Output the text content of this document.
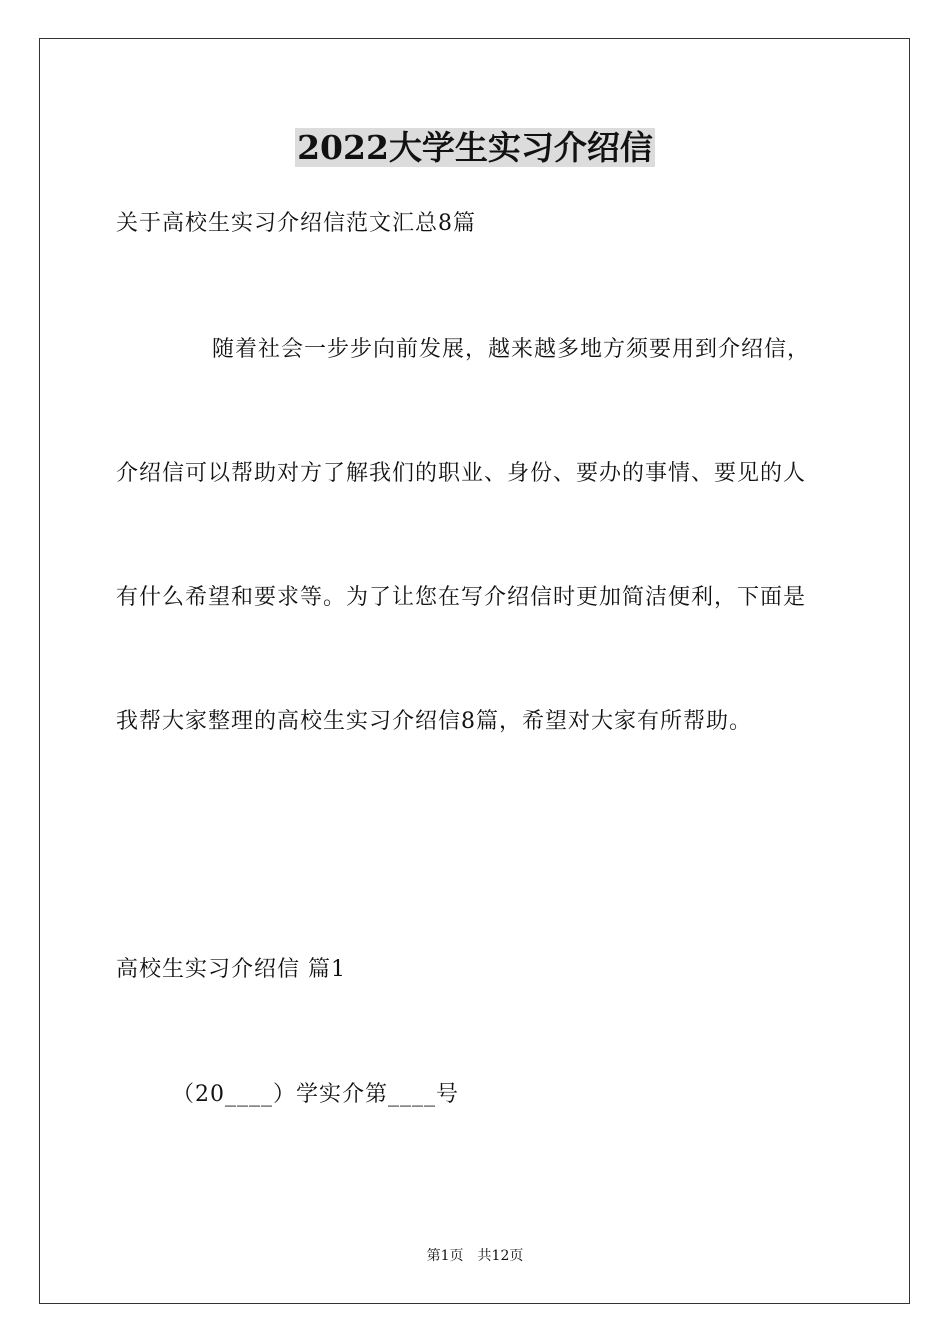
2022大学生实习介绍信

关于高校生实习介绍信范文汇总8篇

随着社会一步步向前发展，越来越多地方须要用到介绍信，

介绍信可以帮助对方了解我们的职业、身份、要办的事情、要见的人

有什么希望和要求等。为了让您在写介绍信时更加简洁便利，下面是

我帮大家整理的高校生实习介绍信8篇，希望对大家有所帮助。

高校生实习介绍信 篇1

（20____）学实介第____号

第1页 共12页
